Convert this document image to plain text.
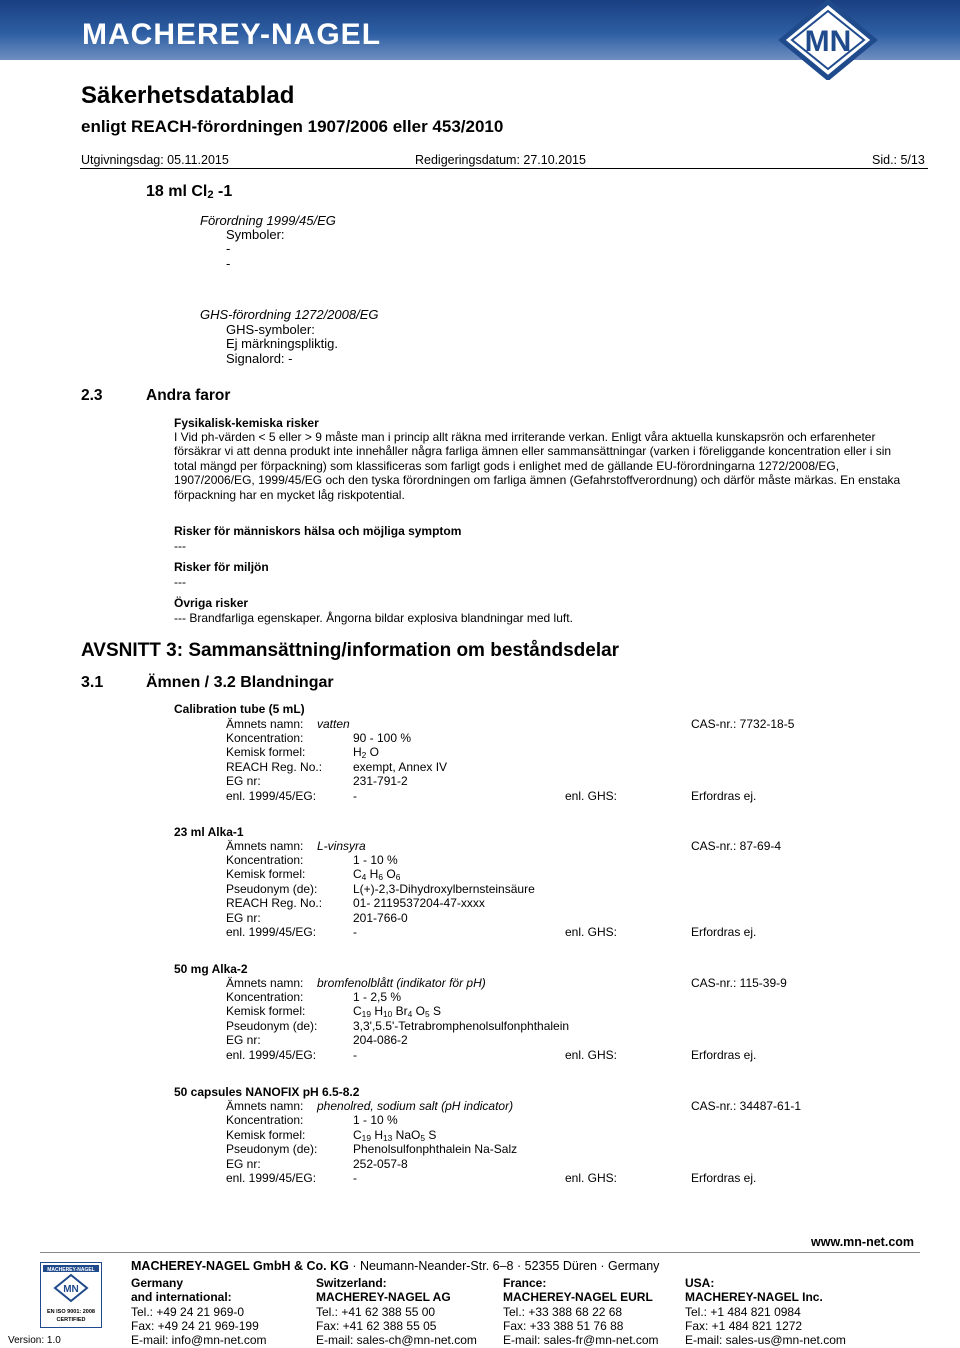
MACHEREY-NAGEL	MN
Säkerhetsdatablad
enligt REACH-förordningen 1907/2006 eller 453/2010
Utgivningsdag: 05.11.2015	Redigeringsdatum: 27.10.2015	Sid.: 5/13
18 ml $Cl_2$ -1
Förordning 1999/45/EG
Symboler:
-
-
GHS-förordning 1272/2008/EG
GHS-symboler:
Ej märkningspliktig.
Signalord: -
2.3	Andra faror
Fysikalisk-kemiska risker
I Vid ph-värden < 5 eller > 9 måste man i princip allt räkna med irriterande verkan. Enligt våra aktuella kunskapsrön och erfarenheter försäkrar vi att denna produkt inte innehåller några farliga ämnen eller sammansättningar (varken i föreliggande koncentration eller i sin total mängd per förpackning) som klassificeras som farligt gods i enlighet med de gällande EU-förordningarna 1272/2008/EG, 1907/2006/EG, 1999/45/EG och den tyska förordningen om farliga ämnen (Gefahrstoffverordnung) och därför måste märkas. En enstaka förpackning har en mycket låg riskpotential.
Risker för människors hälsa och möjliga symptom
---
Risker för miljön
---
Övriga risker
--- Brandfarliga egenskaper. Ångorna bildar explosiva blandningar med luft.
AVSNITT 3: Sammansättning/information om beståndsdelar
3.1	Ämnen / 3.2 Blandningar
Calibration tube (5 mL)
Ämnets namn: vatten	CAS-nr.: 7732-18-5
Koncentration:	90 - 100 %
Kemisk formel:	$H_2$ O
REACH Reg. No.:	exempt, Annex IV
EG nr:	231-791-2
enl. 1999/45/EG:	-	enl. GHS:	Erfordras ej.
23 ml Alka-1
Ämnets namn: L-vinsyra	CAS-nr.: 87-69-4
Koncentration:	1 - 10 %
Kemisk formel:	$C_4$ $H_6$ $O_6$
Pseudonym (de):	L(+)-2,3-Dihydroxylbernsteinsäure
REACH Reg. No.:	01- 2119537204-47-xxxx
EG nr:	201-766-0
enl. 1999/45/EG:	-	enl. GHS:	Erfordras ej.
50 mg Alka-2
Ämnets namn: bromfenolblått (indikator för pH)	CAS-nr.: 115-39-9
Koncentration:	1 - 2,5 %
Kemisk formel:	$C_{19}$ $H_{10}$ $Br_4$ $O_5$ S
Pseudonym (de):	3,3',5.5'-Tetrabromphenolsulfonphthalein
EG nr:	204-086-2
enl. 1999/45/EG:	-	enl. GHS:	Erfordras ej.
50 capsules NANOFIX pH 6.5-8.2
Ämnets namn: phenolred, sodium salt (pH indicator)	CAS-nr.: 34487-61-1
Koncentration:	1 - 10 %
Kemisk formel:	$C_{19}$ $H_{13}$ NaO$_5$ S
Pseudonym (de):	Phenolsulfonphthalein Na-Salz
EG nr:	252-057-8
enl. 1999/45/EG:	-	enl. GHS:	Erfordras ej.
www.mn-net.com
MACHEREY-NAGEL GmbH & Co. KG · Neumann-Neander-Str. 6–8 · 52355 Düren · Germany
MACHEREY-NAGEL
MN
EN ISO 9001: 2008
CERTIFIED
Version: 1.0
Germany
and international:
Tel.: +49 24 21 969-0
Fax: +49 24 21 969-199
E-mail: info@mn-net.com
Switzerland:
MACHEREY-NAGEL AG
Tel.: +41 62 388 55 00
Fax: +41 62 388 55 05
E-mail: sales-ch@mn-net.com
France:
MACHEREY-NAGEL EURL
Tel.: +33 388 68 22 68
Fax: +33 388 51 76 88
E-mail: sales-fr@mn-net.com
USA:
MACHEREY-NAGEL Inc.
Tel.: +1 484 821 0984
Fax: +1 484 821 1272
E-mail: sales-us@mn-net.com
